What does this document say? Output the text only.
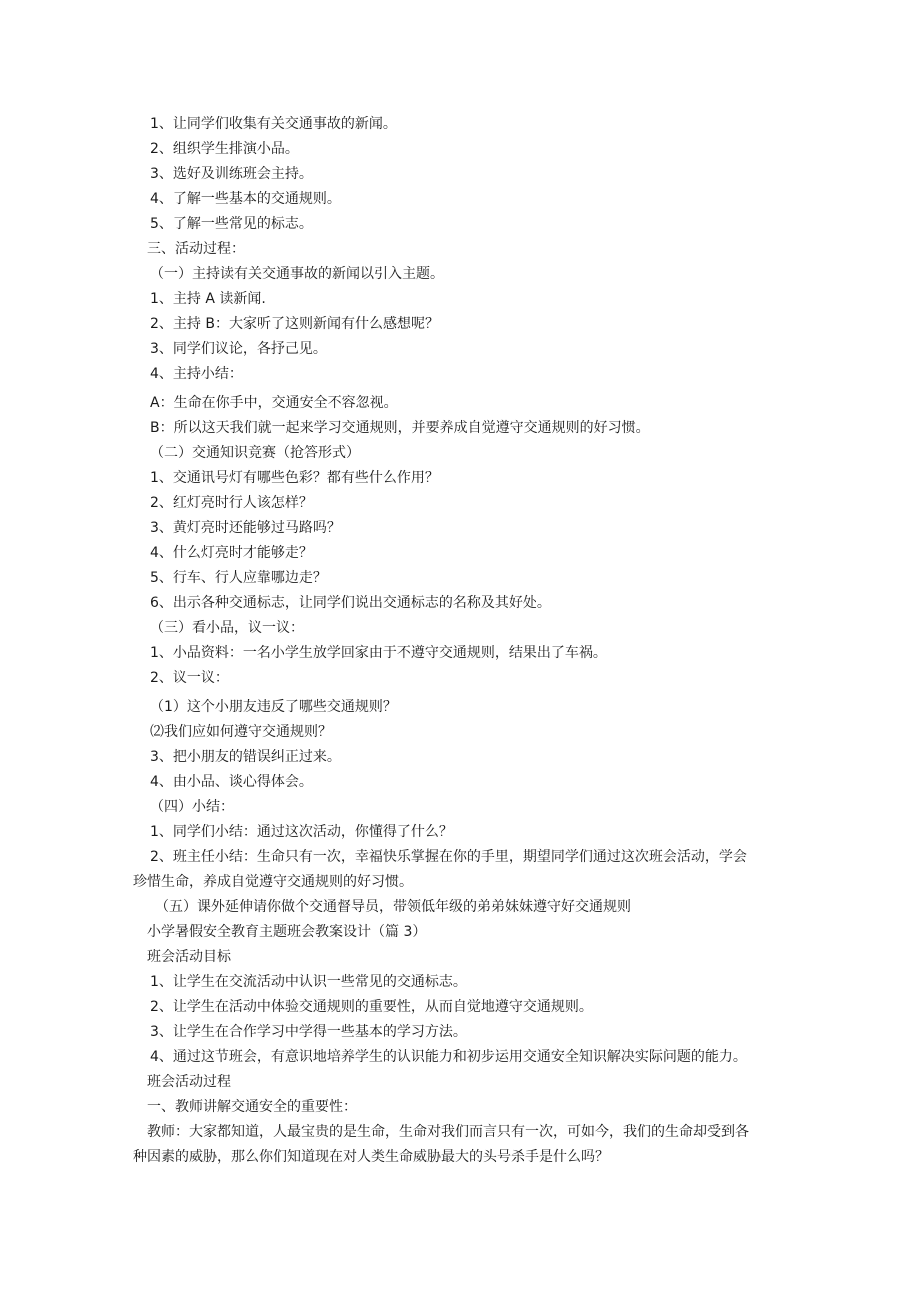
1、让同学们收集有关交通事故的新闻。
2、组织学生排演小品。
3、选好及训练班会主持。
4、了解一些基本的交通规则。
5、了解一些常见的标志。
三、活动过程：
（一）主持读有关交通事故的新闻以引入主题。
1、主持 A 读新闻.
2、主持 B：大家听了这则新闻有什么感想呢？
3、同学们议论，各抒己见。
4、主持小结：
A：生命在你手中，交通安全不容忽视。
B：所以这天我们就一起来学习交通规则，并要养成自觉遵守交通规则的好习惯。
（二）交通知识竞赛（抢答形式）
1、交通讯号灯有哪些色彩？都有些什么作用？
2、红灯亮时行人该怎样？
3、黄灯亮时还能够过马路吗？
4、什么灯亮时才能够走？
5、行车、行人应靠哪边走？
6、出示各种交通标志，让同学们说出交通标志的名称及其好处。
（三）看小品，议一议：
1、小品资料：一名小学生放学回家由于不遵守交通规则，结果出了车祸。
2、议一议：
（1）这个小朋友违反了哪些交通规则？
⑵我们应如何遵守交通规则？
3、把小朋友的错误纠正过来。
4、由小品、谈心得体会。
（四）小结：
1、同学们小结：通过这次活动，你懂得了什么？
2、班主任小结：生命只有一次，幸福快乐掌握在你的手里，期望同学们通过这次班会活动，学会
珍惜生命，养成自觉遵守交通规则的好习惯。
（五）课外延伸请你做个交通督导员，带领低年级的弟弟妹妹遵守好交通规则
小学暑假安全教育主题班会教案设计（篇 3）
班会活动目标
1、让学生在交流活动中认识一些常见的交通标志。
2、让学生在活动中体验交通规则的重要性，从而自觉地遵守交通规则。
3、让学生在合作学习中学得一些基本的学习方法。
4、通过这节班会，有意识地培养学生的认识能力和初步运用交通安全知识解决实际问题的能力。
班会活动过程
一、教师讲解交通安全的重要性：
教师：大家都知道，人最宝贵的是生命，生命对我们而言只有一次，可如今，我们的生命却受到各
种因素的威胁，那么你们知道现在对人类生命威胁最大的头号杀手是什么吗？
